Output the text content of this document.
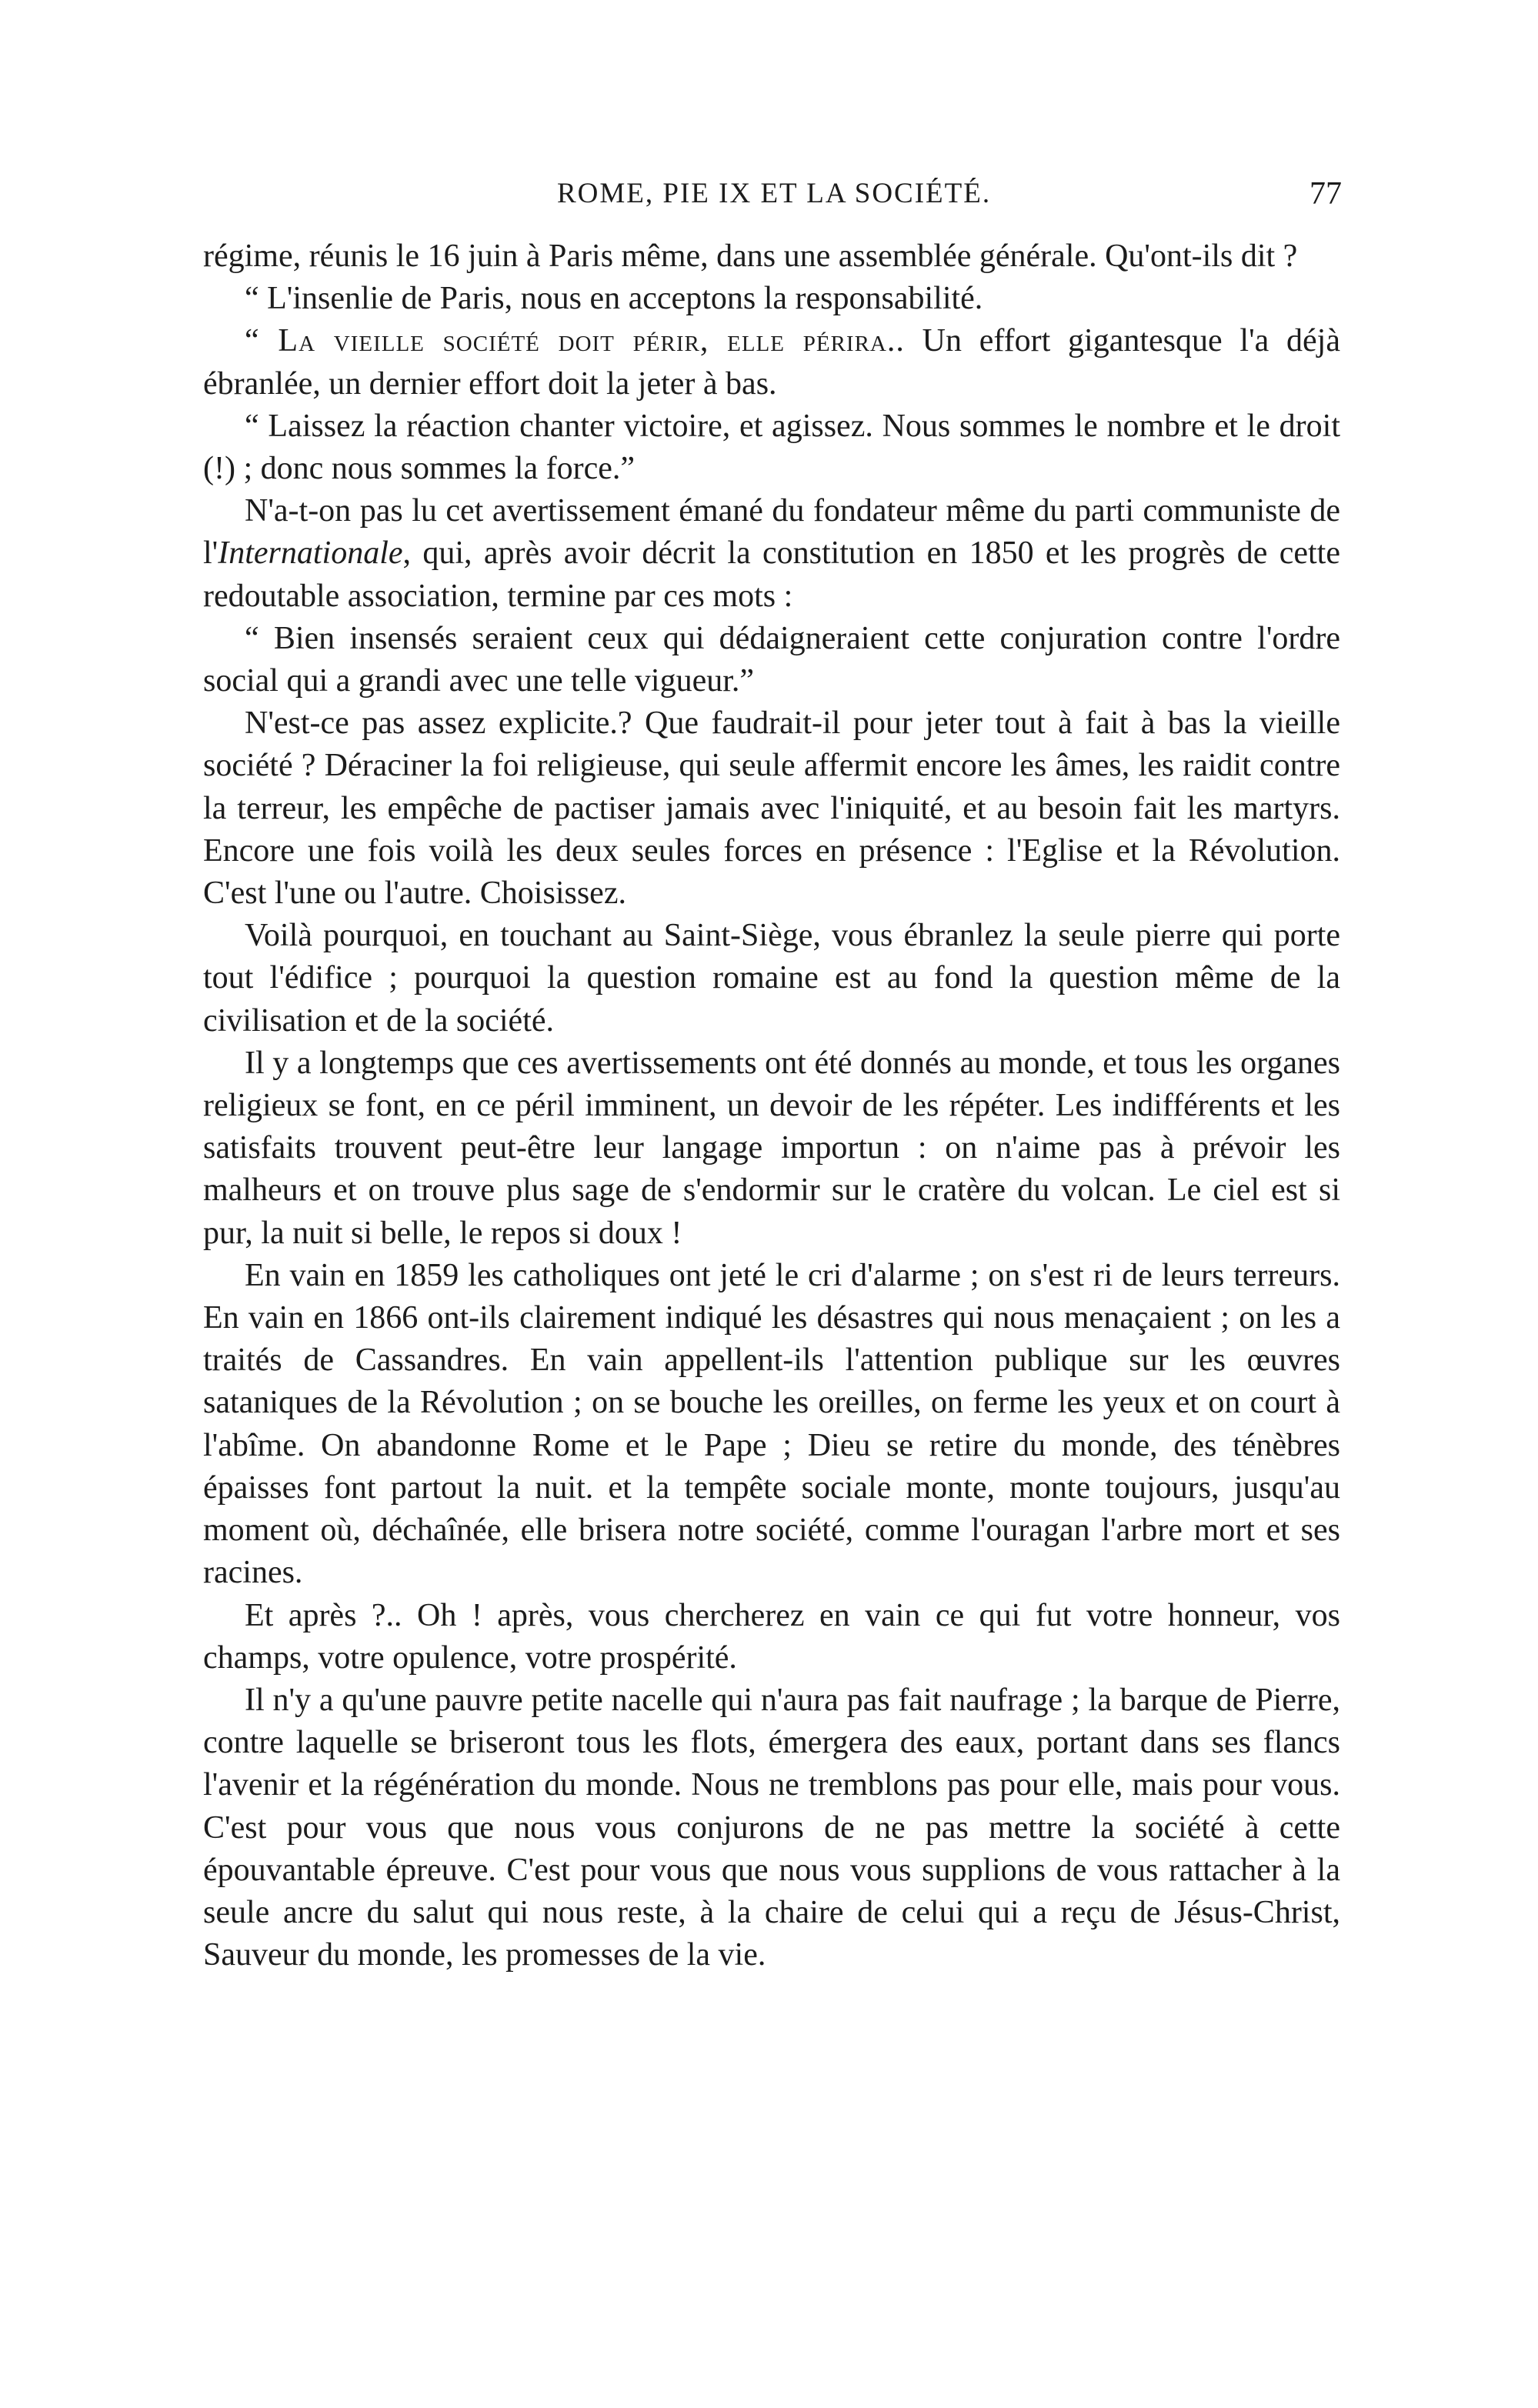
ROME, PIE IX ET LA SOCIÉTÉ.	77

régime, réunis le 16 juin à Paris même, dans une assemblée générale. Qu'ont-ils dit ?

“ L'insenlie de Paris, nous en acceptons la responsabilité.

“ La vieille société doit périr, elle périra.. Un effort gigantesque l'a déjà ébranlée, un dernier effort doit la jeter à bas.

“ Laissez la réaction chanter victoire, et agissez. Nous sommes le nombre et le droit (!) ; donc nous sommes la force.”

N'a-t-on pas lu cet avertissement émané du fondateur même du parti communiste de l'Internationale, qui, après avoir décrit la constitution en 1850 et les progrès de cette redoutable association, termine par ces mots :

“ Bien insensés seraient ceux qui dédaigneraient cette conjuration contre l'ordre social qui a grandi avec une telle vigueur.”

N'est-ce pas assez explicite.? Que faudrait-il pour jeter tout à fait à bas la vieille société ? Déraciner la foi religieuse, qui seule affermit encore les âmes, les raidit contre la terreur, les empêche de pactiser jamais avec l'iniquité, et au besoin fait les martyrs. Encore une fois voilà les deux seules forces en présence : l'Eglise et la Révolution. C'est l'une ou l'autre. Choisissez.

Voilà pourquoi, en touchant au Saint-Siège, vous ébranlez la seule pierre qui porte tout l'édifice ; pourquoi la question romaine est au fond la question même de la civilisation et de la société.

Il y a longtemps que ces avertissements ont été donnés au monde, et tous les organes religieux se font, en ce péril imminent, un devoir de les répéter. Les indifférents et les satisfaits trouvent peut-être leur langage importun : on n'aime pas à prévoir les malheurs et on trouve plus sage de s'endormir sur le cratère du volcan. Le ciel est si pur, la nuit si belle, le repos si doux !

En vain en 1859 les catholiques ont jeté le cri d'alarme ; on s'est ri de leurs terreurs. En vain en 1866 ont-ils clairement indiqué les désastres qui nous menaçaient ; on les a traités de Cassandres. En vain appellent-ils l'attention publique sur les œuvres sataniques de la Révolution ; on se bouche les oreilles, on ferme les yeux et on court à l'abîme. On abandonne Rome et le Pape ; Dieu se retire du monde, des ténèbres épaisses font partout la nuit. et la tempête sociale monte, monte toujours, jusqu'au moment où, déchaînée, elle brisera notre société, comme l'ouragan l'arbre mort et ses racines.

Et après ?.. Oh ! après, vous chercherez en vain ce qui fut votre honneur, vos champs, votre opulence, votre prospérité.

Il n'y a qu'une pauvre petite nacelle qui n'aura pas fait naufrage ; la barque de Pierre, contre laquelle se briseront tous les flots, émergera des eaux, portant dans ses flancs l'avenir et la régénération du monde. Nous ne tremblons pas pour elle, mais pour vous. C'est pour vous que nous vous conjurons de ne pas mettre la société à cette épouvantable épreuve. C'est pour vous que nous vous supplions de vous rattacher à la seule ancre du salut qui nous reste, à la chaire de celui qui a reçu de Jésus-Christ, Sauveur du monde, les promesses de la vie.
